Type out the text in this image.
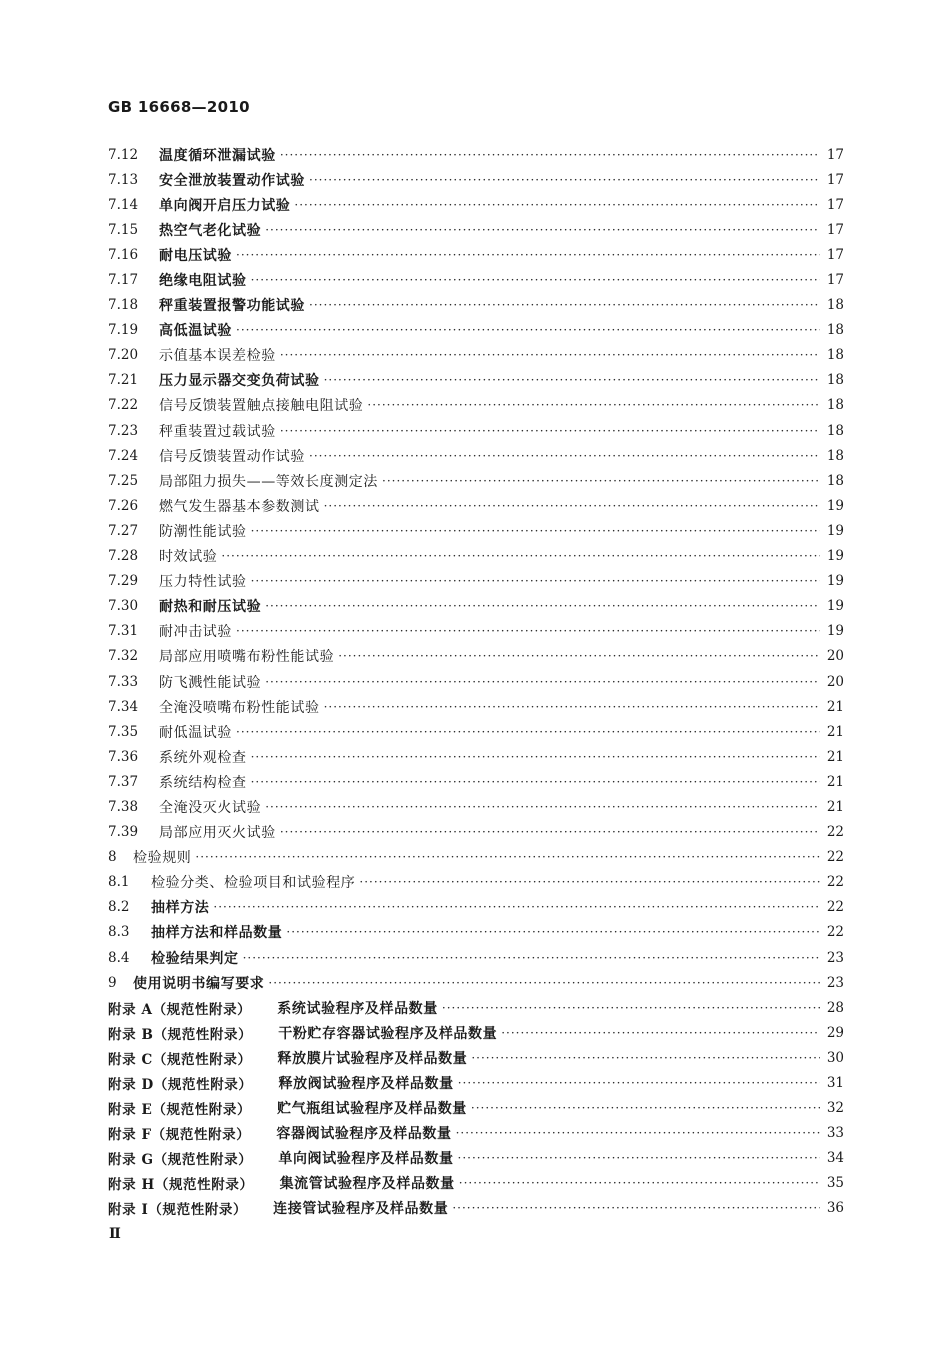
GB 16668—2010
7.12	温度循环泄漏试验 ·····	17
7.13	安全泄放装置动作试验 ·····	17
7.14	单向阀开启压力试验 ·····	17
7.15	热空气老化试验 ·····	17
7.16	耐电压试验 ·····	17
7.17	绝缘电阻试验 ·····	17
7.18	秤重装置报警功能试验 ·····	18
7.19	高低温试验 ·····	18
7.20	示值基本误差检验 ·····	18
7.21	压力显示器交变负荷试验 ·····	18
7.22	信号反馈装置触点接触电阻试验 ·····	18
7.23	秤重装置过载试验 ·····	18
7.24	信号反馈装置动作试验 ·····	18
7.25	局部阻力损失——等效长度测定法 ·····	18
7.26	燃气发生器基本参数测试 ·····	19
7.27	防潮性能试验 ·····	19
7.28	时效试验 ·····	19
7.29	压力特性试验 ·····	19
7.30	耐热和耐压试验 ·····	19
7.31	耐冲击试验 ·····	19
7.32	局部应用喷嘴布粉性能试验 ·····	20
7.33	防飞溅性能试验 ·····	20
7.34	全淹没喷嘴布粉性能试验 ·····	21
7.35	耐低温试验 ·····	21
7.36	系统外观检查 ·····	21
7.37	系统结构检查 ·····	21
7.38	全淹没灭火试验 ·····	21
7.39	局部应用灭火试验 ·····	22
8	检验规则 ·····	22
8.1	检验分类、检验项目和试验程序 ·····	22
8.2	抽样方法 ·····	22
8.3	抽样方法和样品数量 ·····	22
8.4	检验结果判定 ·····	23
9	使用说明书编写要求 ·····	23
附录 A（规范性附录） 系统试验程序及样品数量 ·····	28
附录 B（规范性附录） 干粉贮存容器试验程序及样品数量 ·····	29
附录 C（规范性附录） 释放膜片试验程序及样品数量 ·····	30
附录 D（规范性附录） 释放阀试验程序及样品数量 ·····	31
附录 E（规范性附录） 贮气瓶组试验程序及样品数量 ·····	32
附录 F（规范性附录） 容器阀试验程序及样品数量 ·····	33
附录 G（规范性附录） 单向阀试验程序及样品数量 ·····	34
附录 H（规范性附录） 集流管试验程序及样品数量 ·····	35
附录 I（规范性附录） 连接管试验程序及样品数量 ·····	36
Ⅱ
